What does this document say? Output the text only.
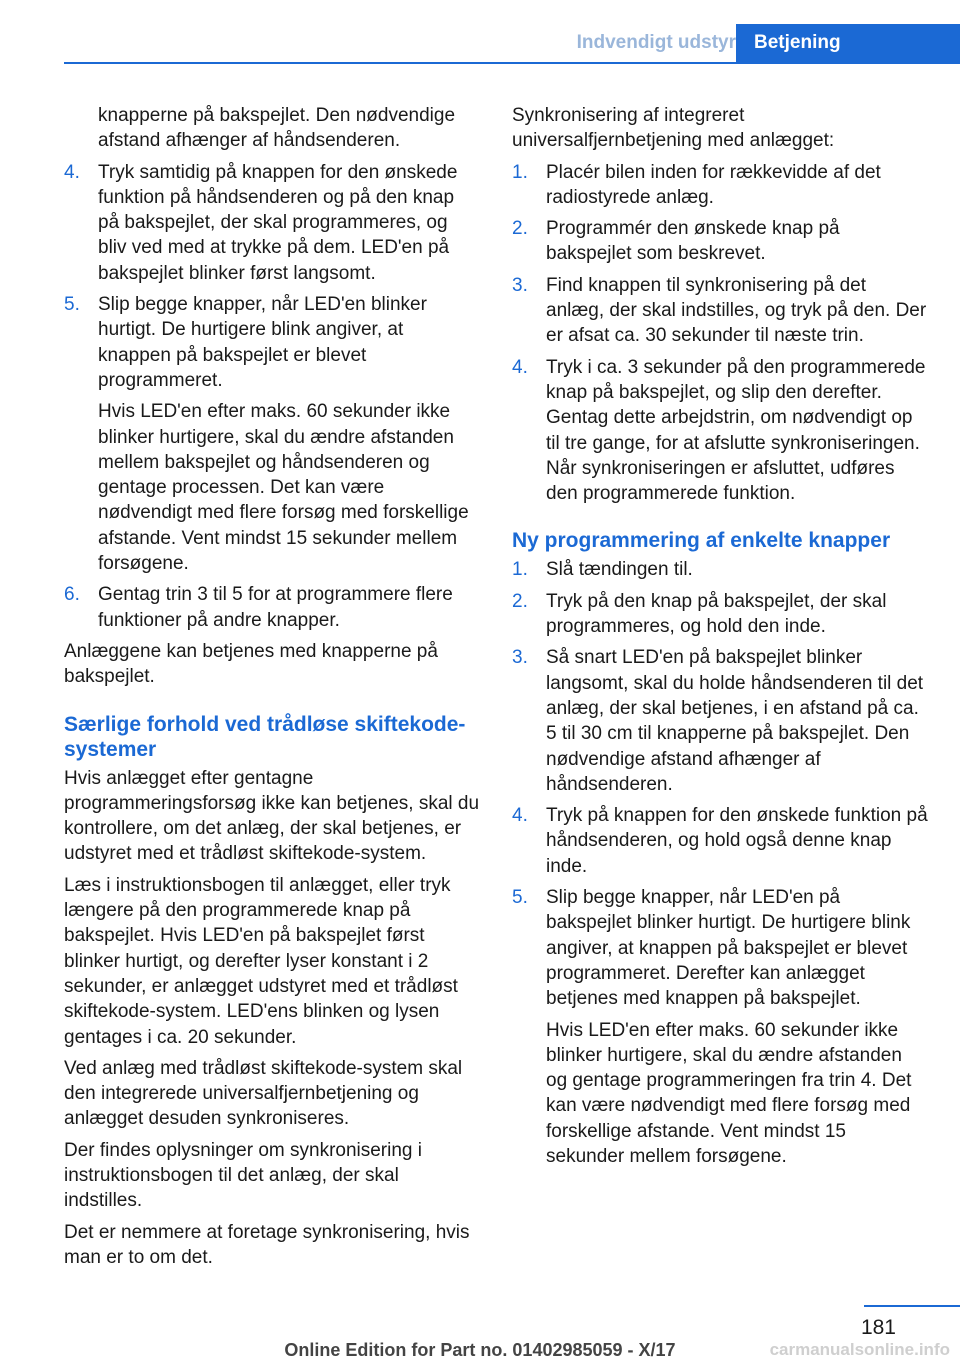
Indvendigt udstyr Betjening
knapperne på bakspejlet. Den nødvendige afstand afhænger af håndsenderen.
4. Tryk samtidig på knappen for den ønskede funktion på håndsenderen og på den knap på bakspejlet, der skal programmeres, og bliv ved med at trykke på dem. LED'en på bakspejlet blinker først langsomt.
5. Slip begge knapper, når LED'en blinker hurtigt. De hurtigere blink angiver, at knappen på bakspejlet er blevet programmeret.
Hvis LED'en efter maks. 60 sekunder ikke blinker hurtigere, skal du ændre afstanden mellem bakspejlet og håndsenderen og gentage processen. Det kan være nødvendigt med flere forsøg med forskellige afstande. Vent mindst 15 sekunder mellem forsøgene.
6. Gentag trin 3 til 5 for at programmere flere funktioner på andre knapper.
Anlæggene kan betjenes med knapperne på bakspejlet.
Særlige forhold ved trådløse skiftekode-systemer
Hvis anlægget efter gentagne programmeringsforsøg ikke kan betjenes, skal du kontrollere, om det anlæg, der skal betjenes, er udstyret med et trådløst skiftekode-system.
Læs i instruktionsbogen til anlægget, eller tryk længere på den programmerede knap på bakspejlet. Hvis LED'en på bakspejlet først blinker hurtigt, og derefter lyser konstant i 2 sekunder, er anlægget udstyret med et trådløst skiftekode-system. LED'ens blinken og lysen gentages i ca. 20 sekunder.
Ved anlæg med trådløst skiftekode-system skal den integrerede universalfjernbetjening og anlægget desuden synkroniseres.
Der findes oplysninger om synkronisering i instruktionsbogen til det anlæg, der skal indstilles.
Det er nemmere at foretage synkronisering, hvis man er to om det.
Synkronisering af integreret universalfjernbetjening med anlægget:
1. Placér bilen inden for rækkevidde af det radiostyrede anlæg.
2. Programmér den ønskede knap på bakspejlet som beskrevet.
3. Find knappen til synkronisering på det anlæg, der skal indstilles, og tryk på den. Der er afsat ca. 30 sekunder til næste trin.
4. Tryk i ca. 3 sekunder på den programmerede knap på bakspejlet, og slip den derefter. Gentag dette arbejdstrin, om nødvendigt op til tre gange, for at afslutte synkroniseringen. Når synkroniseringen er afsluttet, udføres den programmerede funktion.
Ny programmering af enkelte knapper
1. Slå tændingen til.
2. Tryk på den knap på bakspejlet, der skal programmeres, og hold den inde.
3. Så snart LED'en på bakspejlet blinker langsomt, skal du holde håndsenderen til det anlæg, der skal betjenes, i en afstand på ca. 5 til 30 cm til knapperne på bakspejlet. Den nødvendige afstand afhænger af håndsenderen.
4. Tryk på knappen for den ønskede funktion på håndsenderen, og hold også denne knap inde.
5. Slip begge knapper, når LED'en på bakspejlet blinker hurtigt. De hurtigere blink angiver, at knappen på bakspejlet er blevet programmeret. Derefter kan anlægget betjenes med knappen på bakspejlet.
Hvis LED'en efter maks. 60 sekunder ikke blinker hurtigere, skal du ændre afstanden og gentage programmeringen fra trin 4. Det kan være nødvendigt med flere forsøg med forskellige afstande. Vent mindst 15 sekunder mellem forsøgene.
181
Online Edition for Part no. 01402985059 - X/17	carmanualsonline.info
